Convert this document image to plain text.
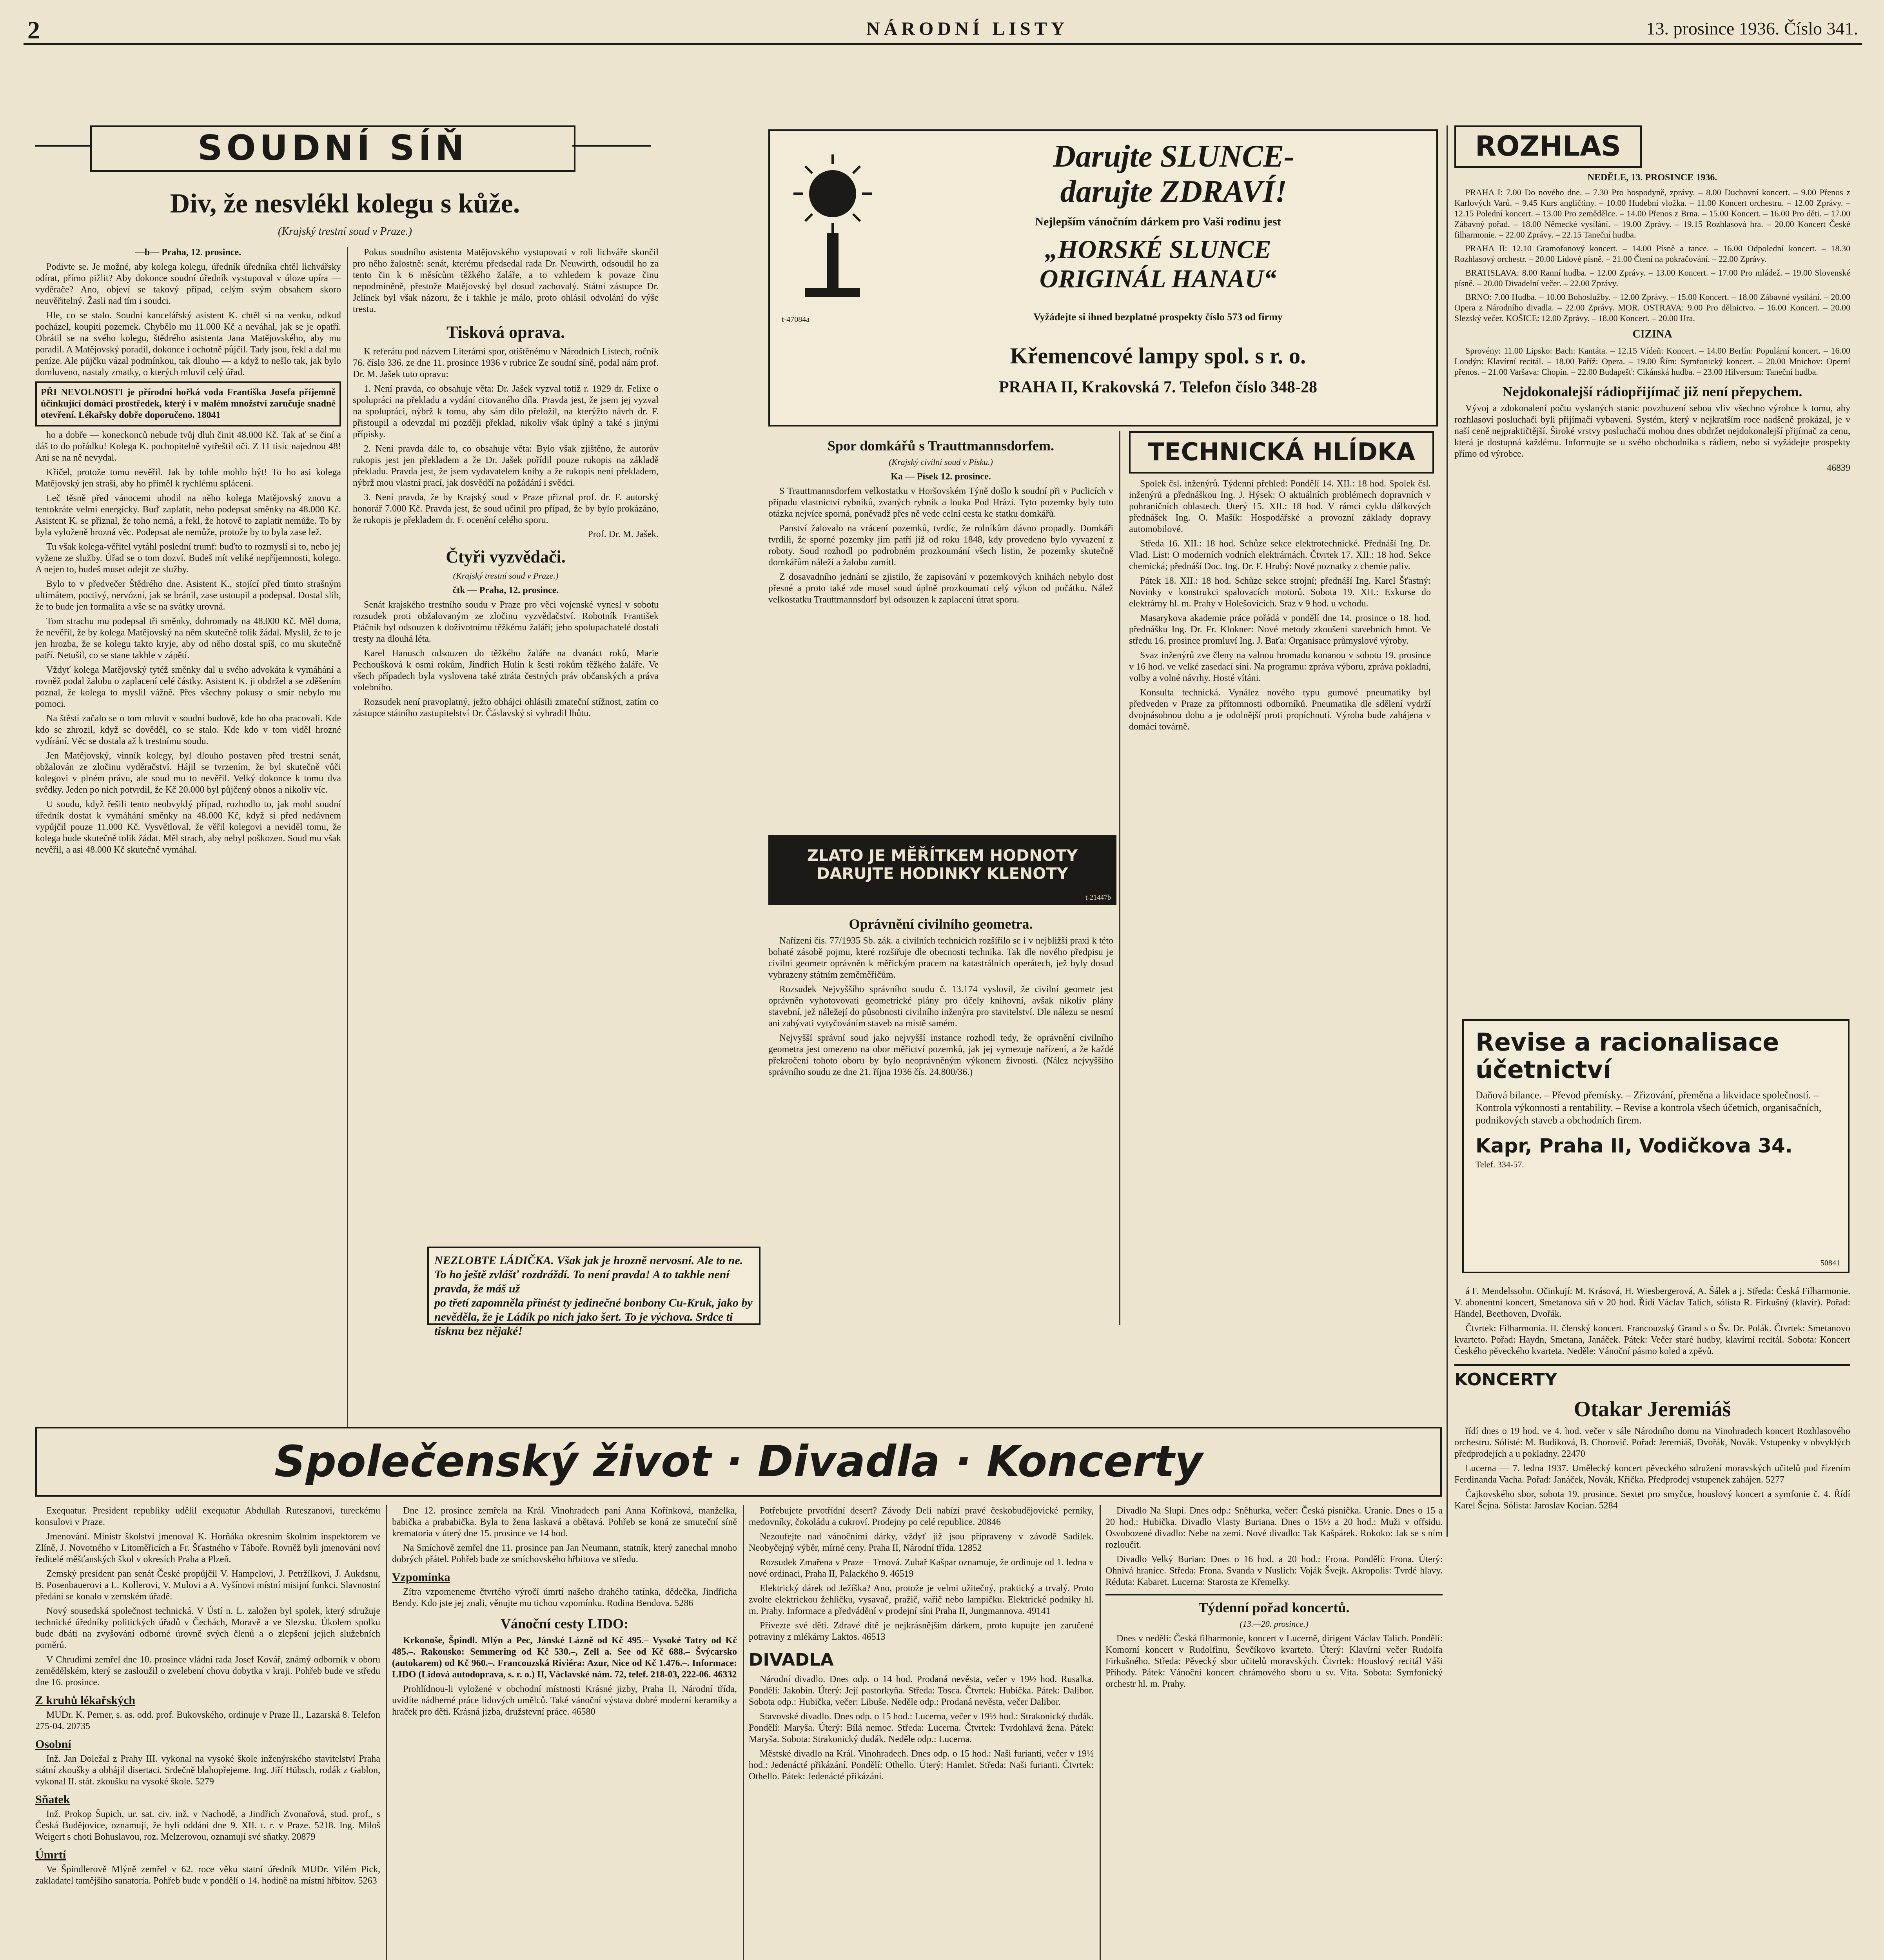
2	NÁRODNÍ LISTY	13. prosince 1936. Číslo 341.
SOUDNÍ SÍŇ
Div, že nesvlékl kolegu s kůže.
(Krajský trestní soud v Praze.)

—b— Praha, 12. prosince.

Podivte se. Je možné, aby kolega kolegu, úředník úředníka chtěl lichvářsky odírat, přímo pižlit? Aby dokonce soudní úředník vystupoval v úloze upíra — vyděrače? Ano, objeví se takový případ, celým svým obsahem skoro neuvěřitelný. Žasli nad tím i soudci.

Hle, co se stalo. Soudní kancelářský asistent K. chtěl si na venku, odkud pocházel, koupiti pozemek. Chybělo mu 11.000 Kč a neváhal, jak se je opatří. Obrátil se na svého kolegu, štědrého asistenta Jana Matějovského, aby mu poradil. A Matějovský poradil, dokonce i ochotně půjčil. Tady jsou, řekl a dal mu peníze. Ale půjčku vázal podmínkou, tak dlouho — a když to nešlo tak, jak bylo domluveno, nastaly zmatky, o kterých mluvil celý úřad.

PŘI NEVOLNOSTI je přírodní hořká voda Františka Josefa příjemně účinkující domácí prostředek, který i v malém množství zaručuje snadné otevření. Lékařsky dobře doporučeno. 18041

ho a dobře — koneckonců nebude tvůj dluh činit 48.000 Kč. Tak ať se činí a dáš to do pořádku! Kolega K. pochopitelně vytřeštil oči. Z 11 tisíc najednou 48! Ani se na ně nevydal.

Křičel, protože tomu nevěřil. Jak by tohle mohlo být! To ho asi kolega Matějovský jen straší, aby ho přiměl k rychlému splácení.

Leč těsně před vánocemi uhodil na něho kolega Matějovský znovu a tentokráte velmi energicky. Buď zaplatit, nebo podepsat směnky na 48.000 Kč. Asistent K. se přiznal, že toho nemá, a řekl, že hotově to zaplatit nemůže. To by byla vyloženě hrozná věc. Podepsat ale nemůže, protože by to byla zase lež.

Tu však kolega-věřitel vytáhl poslední trumf: buďto to rozmyslí si to, nebo jej vyžene ze služby. Úřad se o tom dozví. Budeš mít veliké nepříjemnosti, kolego. A nejen to, budeš muset odejít ze služby.

Bylo to v předvečer Štědrého dne. Asistent K., stojící před tímto strašným ultimátem, poctivý, nervózní, jak se bránil, zase ustoupil a podepsal. Dostal slib, že to bude jen formalita a vše se na svátky urovná.

Tom strachu mu podepsal tři směnky, dohromady na 48.000 Kč. Měl doma, že nevěřil, že by kolega Matějovský na něm skutečně tolik žádal. Myslil, že to je jen hrozba, že se kolegu takto kryje, aby od něho dostal spíš, co mu skutečně patří. Netušil, co se stane takhle v zápětí.

Vždyť kolega Matějovský tytéž směnky dal u svého advokáta k vymáhání a rovněž podal žalobu o zaplacení celé částky. Asistent K. ji obdržel a se zděšením poznal, že kolega to myslil vážně. Přes všechny pokusy o smír nebylo mu pomoci.

Na štěstí začalo se o tom mluvit v soudní budově, kde ho oba pracovali. Kde kdo se zhrozil, když se dověděl, co se stalo. Kde kdo v tom viděl hrozné vydírání. Věc se dostala až k trestnímu soudu.

Jen Matějovský, vinník kolegy, byl dlouho postaven před trestní senát, obžalován ze zločinu vyděračství. Hájil se tvrzením, že byl skutečně vůči kolegovi v plném právu, ale soud mu to nevěřil. Velký dokonce k tomu dva svědky. Jeden po nich potvrdil, že Kč 20.000 byl půjčený obnos a nikoliv víc.

U soudu, když řešili tento neobvyklý případ, rozhodlo to, jak mohl soudní úředník dostat k vymáhání směnky na 48.000 Kč, když si před nedávnem vypůjčil pouze 11.000 Kč. Vysvětloval, že věřil kolegovi a neviděl tomu, že kolega bude skutečně tolik žádat. Měl strach, aby nebyl poškozen. Soud mu však nevěřil, a asi 48.000 Kč skutečně vymáhal.

Pokus soudního asistenta Matějovského vystupovati v roli lichváře skončil pro něho žalostně: senát, kterému předsedal rada Dr. Neuwirth, odsoudil ho za tento čin k 6 měsícům těžkého žaláře, a to vzhledem k povaze činu nepodmíněně, přestože Matějovský byl dosud zachovalý. Státní zástupce Dr. Jelínek byl však názoru, že i takhle je málo, proto ohlásil odvolání do výše trestu.

Tisková oprava.

K referátu pod názvem Literární spor, otištěnému v Národních Listech, ročník 76. číslo 336. ze dne 11. prosince 1936 v rubrice Ze soudní síně, podal nám prof. Dr. M. Jašek tuto opravu:

1. Není pravda, co obsahuje věta: Dr. Jašek vyzval totiž r. 1929 dr. Felixe o spolupráci na překladu a vydání citovaného díla. Pravda jest, že jsem jej vyzval na spolupráci, nýbrž k tomu, aby sám dílo přeložil, na kterýžto návrh dr. F. přistoupil a odevzdal mi později překlad, nikoliv však úplný a také s jinými přípisky.

2. Není pravda dále to, co obsahuje věta: Bylo však zjištěno, že autorův rukopis jest jen překladem a že Dr. Jašek pořídil pouze rukopis na základě překladu. Pravda jest, že jsem vydavatelem knihy a že rukopis není překladem, nýbrž mou vlastní prací, jak dosvědčí na požádání i svědci.

3. Není pravda, že by Krajský soud v Praze přiznal prof. dr. F. autorský honorář 7.000 Kč. Pravda jest, že soud učinil pro případ, že by bylo prokázáno, že rukopis je překladem dr. F. ocenění celého sporu.

Prof. Dr. M. Jašek.
Čtyři vyzvědači.
(Krajský trestní soud v Praze.)

čtk — Praha, 12. prosince.

Senát krajského trestního soudu v Praze pro věci vojenské vynesl v sobotu rozsudek proti obžalovaným ze zločinu vyzvědačství. Robotník František Ptáčník byl odsouzen k doživotnímu těžkému žaláři; jeho spolupachatelé dostali tresty na dlouhá léta.

Karel Hanusch odsouzen do těžkého žaláře na dvanáct roků, Marie Pechoušková k osmi rokům, Jindřich Hulín k šesti rokům těžkého žaláře. Ve všech případech byla vyslovena také ztráta čestných práv občanských a práva volebního.

Rozsudek není pravoplatný, ježto obhájci ohlásili zmateční stížnost, zatím co zástupce státního zastupitelství Dr. Čáslavský si vyhradil lhůtu.

NEZLOBTE LÁDIČKA. Však jak je hrozně nervosní. Ale to ne. To ho ještě zvlášť rozdráždí. To není pravda! A to takhle není pravda, že máš už
po třetí zapomněla přinést ty jedinečné bonbony Cu-Kruk, jako by nevěděla, že je Ládík po nich jako šert. To je výchova. Srdce ti tisknu bez nějaké!
t-47084a
Darujte SLUNCE-
darujte ZDRAVÍ!
Nejlepším vánočním dárkem pro Vaši rodinu jest
„HORSKÉ SLUNCE
ORIGINÁL HANAU“
Vyžádejte si ihned bezplatné prospekty číslo 573 od firmy
Křemencové lampy spol. s r. o.
PRAHA II, Krakovská 7. Telefon číslo 348-28
Spor domkářů s Trauttmannsdorfem.
(Krajský civilní soud v Písku.)

Ka — Písek 12. prosince.

S Trauttmannsdorfem velkostatku v Horšovském Týně došlo k soudní při v Puclicích v případu vlastnictví rybníků, zvaných rybník a louka Pod Hrází. Tyto pozemky byly tuto otázka nejvíce sporná, poněvadž přes ně vede celní cesta ke statku domkářů.

Panství žalovalo na vrácení pozemků, tvrdíc, že rolníkům dávno propadly. Domkáři tvrdili, že sporné pozemky jim patří již od roku 1848, kdy provedeno bylo vyvazení z roboty. Soud rozhodl po podrobném prozkoumání všech listin, že pozemky skutečně domkářům náleží a žalobu zamítl.

Z dosavadního jednání se zjistilo, že zapisování v pozemkových knihách nebylo dost přesné a proto také zde musel soud úplně prozkoumati celý výkon od počátku. Nálež velkostatku Trauttmannsdorf byl odsouzen k zaplacení útrat sporu.

ZLATO JE MĚŘÍTKEM HODNOTY
DARUJTE HODINKY KLENOTY
t-21447b
Oprávnění civilního geometra.

Nařízení čís. 77/1935 Sb. zák. a civilních technicích rozšířilo se i v nejbližší praxi k této bohaté zásobě pojmu, které rozšiřuje dle obecnosti technika. Tak dle nového předpisu je civilní geometr oprávněn k měřickým pracem na katastrálních operátech, jež byly dosud vyhrazeny státním zeměměřičům.

Rozsudek Nejvyššího správního soudu č. 13.174 vyslovil, že civilní geometr jest oprávněn vyhotovovati geometrické plány pro účely knihovní, avšak nikoliv plány stavební, jež náležejí do působnosti civilního inženýra pro stavitelství. Dle nálezu se nesmí ani zabývati vytyčováním staveb na místě samém.

Nejvyšší správní soud jako nejvyšší instance rozhodl tedy, že oprávnění civilního geometra jest omezeno na obor měřictví pozemků, jak jej vymezuje nařízení, a že každé překročení tohoto oboru by bylo neoprávněným výkonem živnosti. (Nález nejvyššího správního soudu ze dne 21. října 1936 čís. 24.800/36.)

TECHNICKÁ HLÍDKA

Spolek čsl. inženýrů. Týdenní přehled: Pondělí 14. XII.: 18 hod. Spolek čsl. inženýrů a přednáškou Ing. J. Hýsek: O aktuálních problémech dopravních v pohraničních oblastech. Úterý 15. XII.: 18 hod. V rámci cyklu dálkových přednášek Ing. O. Mašík: Hospodářské a provozní základy dopravy automobilové.

Středa 16. XII.: 18 hod. Schůze sekce elektrotechnické. Přednáší Ing. Dr. Vlad. List: O moderních vodních elektrárnách. Čtvrtek 17. XII.: 18 hod. Sekce chemická; přednáší Doc. Ing. Dr. F. Hrubý: Nové poznatky z chemie paliv.

Pátek 18. XII.: 18 hod. Schůze sekce strojní; přednáší Ing. Karel Šťastný: Novinky v konstrukci spalovacích motorů. Sobota 19. XII.: Exkurse do elektrárny hl. m. Prahy v Holešovicích. Sraz v 9 hod. u vchodu.

Masarykova akademie práce pořádá v pondělí dne 14. prosince o 18. hod. přednášku Ing. Dr. Fr. Klokner: Nové metody zkoušení stavebních hmot. Ve středu 16. prosince promluví Ing. J. Baťa: Organisace průmyslové výroby.

Svaz inženýrů zve členy na valnou hromadu konanou v sobotu 19. prosince v 16 hod. ve velké zasedací síni. Na programu: zpráva výboru, zpráva pokladní, volby a volné návrhy. Hosté vítáni.

Konsulta technická. Vynález nového typu gumové pneumatiky byl předveden v Praze za přítomnosti odborníků. Pneumatika dle sdělení vydrží dvojnásobnou dobu a je odolnější proti propíchnutí. Výroba bude zahájena v domácí továrně.

ROZHLAS
NEDĚLE, 13. PROSINCE 1936.

PRAHA I: 7.00 Do nového dne. – 7.30 Pro hospodyně, zprávy. – 8.00 Duchovní koncert. – 9.00 Přenos z Karlových Varů. – 9.45 Kurs angličtiny. – 10.00 Hudební vložka. – 11.00 Koncert orchestru. – 12.00 Zprávy. – 12.15 Polední koncert. – 13.00 Pro zemědělce. – 14.00 Přenos z Brna. – 15.00 Koncert. – 16.00 Pro děti. – 17.00 Zábavný pořad. – 18.00 Německé vysílání. – 19.00 Zprávy. – 19.15 Rozhlasová hra. – 20.00 Koncert České filharmonie. – 22.00 Zprávy. – 22.15 Taneční hudba.

PRAHA II: 12.10 Gramofonový koncert. – 14.00 Písně a tance. – 16.00 Odpolední koncert. – 18.30 Rozhlasový orchestr. – 20.00 Lidové písně. – 21.00 Čtení na pokračování. – 22.00 Zprávy.

BRATISLAVA: 8.00 Ranní hudba. – 12.00 Zprávy. – 13.00 Koncert. – 17.00 Pro mládež. – 19.00 Slovenské písně. – 20.00 Divadelní večer. – 22.00 Zprávy.

BRNO: 7.00 Hudba. – 10.00 Bohoslužby. – 12.00 Zprávy. – 15.00 Koncert. – 18.00 Zábavné vysílání. – 20.00 Opera z Národního divadla. – 22.00 Zprávy. MOR. OSTRAVA: 9.00 Pro dělnictvo. – 16.00 Koncert. – 20.00 Slezský večer. KOŠICE: 12.00 Zprávy. – 18.00 Koncert. – 20.00 Hra.

CIZINA

Sprovény: 11.00 Lipsko: Bach: Kantáta. – 12.15 Vídeň: Koncert. – 14.00 Berlín: Populární koncert. – 16.00 Londýn: Klavírní recitál. – 18.00 Paříž: Opera. – 19.00 Řím: Symfonický koncert. – 20.00 Mnichov: Operní přenos. – 21.00 Varšava: Chopin. – 22.00 Budapešť: Cikánská hudba. – 23.00 Hilversum: Taneční hudba.

Nejdokonalejší rádiopřijímač již není přepychem.

Vývoj a zdokonalení počtu vyslaných stanic povzbuzení sebou vliv všechno výrobce k tomu, aby rozhlasoví posluchači byli přijímači vybaveni. Systém, který v nejkratším roce nadšeně prokázal, je v naší ceně nejpraktičtější. Široké vrstvy posluchačů mohou dnes obdržet nejdokonalejší přijímač za cenu, která je dostupná každému. Informujte se u svého obchodníka s rádiem, nebo si vyžádejte prospekty přímo od výrobce.

46839
Revise a racionalisace účetnictví
Daňová bilance. – Převod přemísky. – Zřizování, přeměna a likvidace společností. – Kontrola výkonnosti a rentability. – Revise a kontrola všech účetních, organisačních, podnikových staveb a obchodních firem.
Kapr, Praha II, Vodičkova 34.
Telef. 334-57.
50841
Společenský život · Divadla · Koncerty

Exequatur. President republiky udělil exequatur Abdullah Ruteszanovi, tureckému konsulovi v Praze.

Jmenování. Ministr školství jmenoval K. Horňáka okresním školním inspektorem ve Zlíně, J. Novotného v Litoměřicích a Fr. Šťastného v Táboře. Rovněž byli jmenováni noví ředitelé měšťanských škol v okresích Praha a Plzeň.

Zemský president pan senát České propůjčil V. Hampelovi, J. Petržílkovi, J. Aukdsnu, B. Posenbauerovi a L. Kollerovi, V. Mulovi a A. Vyšínovi místní misijní funkci. Slavnostní předání se konalo v zemském úřadě.

Nový sousedská společnost technická. V Ústí n. L. založen byl spolek, který sdružuje technické úředníky politických úřadů v Čechách, Moravě a ve Slezsku. Úkolem spolku bude dbáti na zvyšování odborné úrovně svých členů a o zlepšení jejich služebních poměrů.

V Chrudimi zemřel dne 10. prosince vládní rada Josef Kovář, známý odborník v oboru zemědělském, který se zasloužil o zvelebení chovu dobytka v kraji. Pohřeb bude ve středu dne 16. prosince.

Z kruhů lékařských

MUDr. K. Perner, s. as. odd. prof. Bukovského, ordinuje v Praze II., Lazarská 8. Telefon 275-04. 20735

Osobní

Inž. Jan Doležal z Prahy III. vykonal na vysoké škole inženýrského stavitelství Praha státní zkoušky a obhájil disertaci. Srdečně blahopřejeme. Ing. Jiří Hübsch, rodák z Gablon, vykonal II. stát. zkoušku na vysoké škole. 5279

Sňatek

Inž. Prokop Šupich, ur. sat. civ. inž. v Nachodě, a Jindřich Zvonařová, stud. prof., s Česká Budějovice, oznamují, že byli oddáni dne 9. XII. t. r. v Praze. 5218. Ing. Miloš Weigert s choti Bohuslavou, roz. Melzerovou, oznamují své sňatky. 20879

Úmrtí

Ve Špindlerově Mlýně zemřel v 62. roce věku statní úředník MUDr. Vilém Pick, zakladatel tamějšího sanatoria. Pohřeb bude v pondělí o 14. hodině na místní hřbitov. 5263

Dne 12. prosince zemřela na Král. Vinohradech paní Anna Kořínková, manželka, babička a prababička. Byla to žena laskavá a obětavá. Pohřeb se koná ze smuteční síně krematoria v úterý dne 15. prosince ve 14 hod.

Na Smíchově zemřel dne 11. prosince pan Jan Neumann, statník, který zanechal mnoho dobrých přátel. Pohřeb bude ze smíchovského hřbitova ve středu.

Vzpomínka

Zítra vzpomeneme čtvrtého výročí úmrtí našeho drahého tatínka, dědečka, Jindřicha Bendy. Kdo jste jej znali, věnujte mu tichou vzpomínku. Rodina Bendova. 5286

Vánoční cesty LIDO:

Krkonoše, Špindl. Mlýn a Pec, Jánské Lázně od Kč 495.– Vysoké Tatry od Kč 485.–. Rakousko: Semmering od Kč 530.–, Zell a. See od Kč 688.– Švýcarsko (autokarem) od Kč 960.–. Francouzská Riviéra: Azur, Nice od Kč 1.476.–. Informace: LIDO (Lidová autodoprava, s. r. o.) II, Václavské nám. 72, telef. 218-03, 222-06. 46332

Prohlídnou-li vyložené v obchodní místnosti Krásné jizby, Praha II, Národní třída, uvidíte nádherné práce lidových umělců. Také vánoční výstava dobré moderní keramiky a hraček pro děti. Krásná jizba, družstevní práce. 46580

Potřebujete prvotřídní desert? Závody Deli nabízí pravé českobudějovické perníky, medovníky, čokoládu a cukroví. Prodejny po celé republice. 20846

Nezoufejte nad vánočními dárky, vždyť již jsou připraveny v závodě Sadílek. Neobyčejný výběr, mírné ceny. Praha II, Národní třída. 12852

Rozsudek Zmařena v Praze – Trnová. Zubař Kašpar oznamuje, že ordinuje od 1. ledna v nové ordinaci, Praha II, Palackého 9. 46519

Elektrický dárek od Ježíška? Ano, protože je velmi užitečný, praktický a trvalý. Proto zvolte elektrickou žehličku, vysavač, pražič, vařič nebo lampičku. Elektrické podniky hl. m. Prahy. Informace a předvádění v prodejní síni Praha II, Jungmannova. 49141

Přivezte své děti. Zdravé dítě je nejkrásnějším dárkem, proto kupujte jen zaručené potraviny z mlékárny Laktos. 46513

DIVADLA

Národní divadlo. Dnes odp. o 14 hod. Prodaná nevěsta, večer v 19½ hod. Rusalka. Pondělí: Jakobín. Úterý: Její pastorkyňa. Středa: Tosca. Čtvrtek: Hubička. Pátek: Dalibor. Sobota odp.: Hubička, večer: Libuše. Neděle odp.: Prodaná nevěsta, večer Dalibor.

Stavovské divadlo. Dnes odp. o 15 hod.: Lucerna, večer v 19½ hod.: Strakonický dudák. Pondělí: Maryša. Úterý: Bílá nemoc. Středa: Lucerna. Čtvrtek: Tvrdohlavá žena. Pátek: Maryša. Sobota: Strakonický dudák. Neděle odp.: Lucerna.

Městské divadlo na Král. Vinohradech. Dnes odp. o 15 hod.: Naši furianti, večer v 19½ hod.: Jedenácté přikázání. Pondělí: Othello. Úterý: Hamlet. Středa: Naši furianti. Čtvrtek: Othello. Pátek: Jedenácté přikázání.

Divadlo Na Slupi. Dnes odp.: Sněhurka, večer: Česká písnička. Uranie. Dnes o 15 a 20 hod.: Hubička. Divadlo Vlasty Buriana. Dnes o 15½ a 20 hod.: Muži v offsidu. Osvobozené divadlo: Nebe na zemi. Nové divadlo: Tak Kašpárek. Rokoko: Jak se s ním rozloučit.

Divadlo Velký Burian: Dnes o 16 hod. a 20 hod.: Frona. Pondělí: Frona. Úterý: Ohnivá hranice. Středa: Frona. Svanda v Nuslích: Voják Švejk. Akropolis: Tvrdé hlavy. Réduta: Kabaret. Lucerna: Starosta ze Křemelky.

Týdenní pořad koncertů.
(13.—20. prosince.)

Dnes v neděli: Česká filharmonie, koncert v Lucerně, dirigent Václav Talich. Pondělí: Komorní koncert v Rudolfinu, Ševčíkovo kvarteto. Úterý: Klavírní večer Rudolfa Firkušného. Středa: Pěvecký sbor učitelů moravských. Čtvrtek: Houslový recitál Váši Příhody. Pátek: Vánoční koncert chrámového sboru u sv. Víta. Sobota: Symfonický orchestr hl. m. Prahy.

á F. Mendelssohn. Očinkují: M. Krásová, H. Wiesbergerová, A. Šálek a j. Středa: Česká Filharmonie. V. abonentní koncert, Smetanova síň v 20 hod. Řídí Václav Talich, sólista R. Firkušný (klavír). Pořad: Händel, Beethoven, Dvořák.

Čtvrtek: Filharmonia. II. členský koncert. Francouzský Grand s o Šv. Dr. Polák. Čtvrtek: Smetanovo kvarteto. Pořad: Haydn, Smetana, Janáček. Pátek: Večer staré hudby, klavírní recitál. Sobota: Koncert Českého pěveckého kvarteta. Neděle: Vánoční pásmo koled a zpěvů.

KONCERTY
Otakar Jeremiáš

řídí dnes o 19 hod. ve 4. hod. večer v sále Národního domu na Vinohradech koncert Rozhlasového orchestru. Sólisté: M. Budíková, B. Chorovič. Pořad: Jeremiáš, Dvořák, Novák. Vstupenky v obvyklých předprodejích a u pokladny. 22470

Lucerna — 7. ledna 1937. Umělecký koncert pěveckého sdružení moravských učitelů pod řízením Ferdinanda Vacha. Pořad: Janáček, Novák, Křička. Předprodej vstupenek zahájen. 5277

Čajkovského sbor, sobota 19. prosince. Sextet pro smyčce, houslový koncert a symfonie č. 4. Řídí Karel Šejna. Sólista: Jaroslav Kocian. 5284
